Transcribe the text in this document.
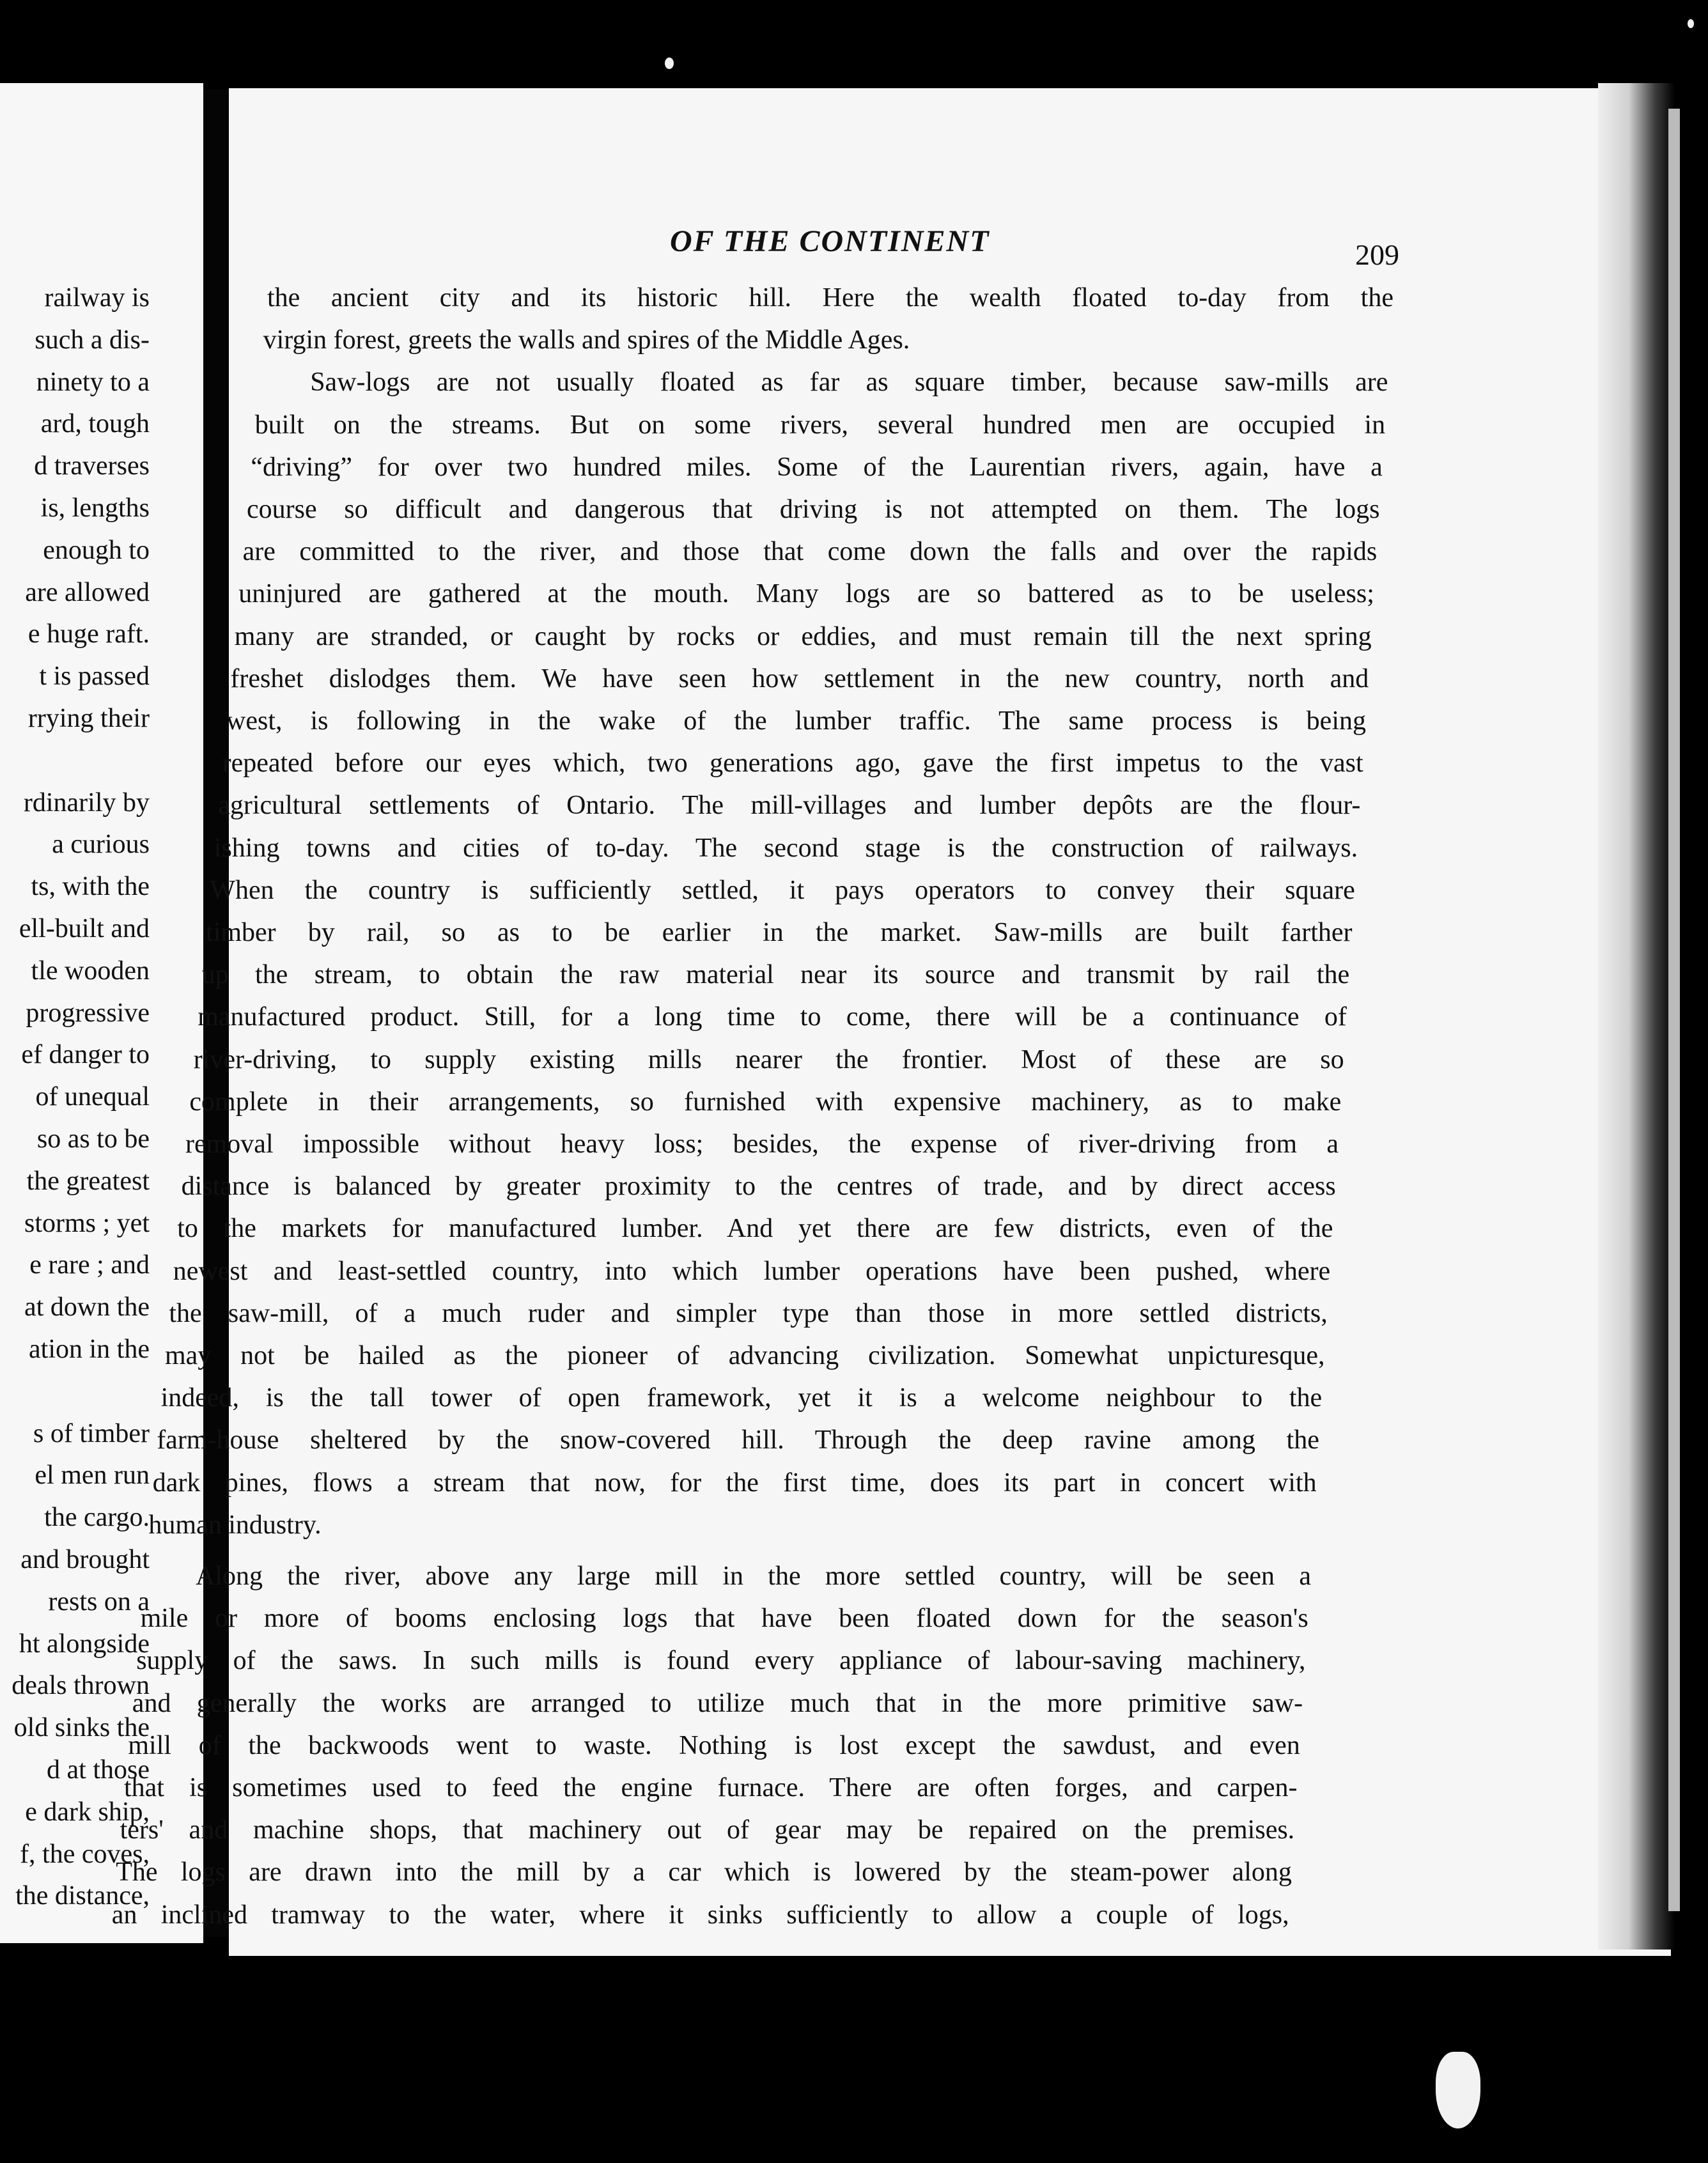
railway is
such a dis-
ninety to a
ard, tough
d traverses
is, lengths
enough to
are allowed
e huge raft.
t is passed
rrying their
rdinarily by
a curious
ts, with the
ell-built and
tle wooden
progressive
ef danger to
of unequal
so as to be
the greatest
storms ; yet
e rare ; and
at down the
ation in the
s of timber
el men run
the cargo.
and brought
rests on a
ht alongside
deals thrown
old sinks the
d at those
e dark ship,
f, the coves,
the distance,
OF THE CONTINENT	209
the ancient city and its historic hill. Here the wealth floated to-day from the
virgin forest, greets the walls and spires of the Middle Ages.
Saw-logs are not usually floated as far as square timber, because saw-mills are
built on the streams. But on some rivers, several hundred men are occupied in
“driving” for over two hundred miles. Some of the Laurentian rivers, again, have a
course so difficult and dangerous that driving is not attempted on them. The logs
are committed to the river, and those that come down the falls and over the rapids
uninjured are gathered at the mouth. Many logs are so battered as to be useless;
many are stranded, or caught by rocks or eddies, and must remain till the next spring
freshet dislodges them. We have seen how settlement in the new country, north and
west, is following in the wake of the lumber traffic. The same process is being
repeated before our eyes which, two generations ago, gave the first impetus to the vast
agricultural settlements of Ontario. The mill-villages and lumber depôts are the flour-
ishing towns and cities of to-day. The second stage is the construction of railways.
When the country is sufficiently settled, it pays operators to convey their square
timber by rail, so as to be earlier in the market. Saw-mills are built farther
up the stream, to obtain the raw material near its source and transmit by rail the
manufactured product. Still, for a long time to come, there will be a continuance of
river-driving, to supply existing mills nearer the frontier. Most of these are so
complete in their arrangements, so furnished with expensive machinery, as to make
removal impossible without heavy loss; besides, the expense of river-driving from a
distance is balanced by greater proximity to the centres of trade, and by direct access
to the markets for manufactured lumber. And yet there are few districts, even of the
newest and least-settled country, into which lumber operations have been pushed, where
the saw-mill, of a much ruder and simpler type than those in more settled districts,
may not be hailed as the pioneer of advancing civilization. Somewhat unpicturesque,
indeed, is the tall tower of open framework, yet it is a welcome neighbour to the
farm-house sheltered by the snow-covered hill. Through the deep ravine among the
dark pines, flows a stream that now, for the first time, does its part in concert with
human industry.
Along the river, above any large mill in the more settled country, will be seen a
mile or more of booms enclosing logs that have been floated down for the season's
supply of the saws. In such mills is found every appliance of labour-saving machinery,
and generally the works are arranged to utilize much that in the more primitive saw-
mill of the backwoods went to waste. Nothing is lost except the sawdust, and even
that is sometimes used to feed the engine furnace. There are often forges, and carpen-
ters' and machine shops, that machinery out of gear may be repaired on the premises.
The logs are drawn into the mill by a car which is lowered by the steam-power along
an inclined tramway to the water, where it sinks sufficiently to allow a couple of logs,
